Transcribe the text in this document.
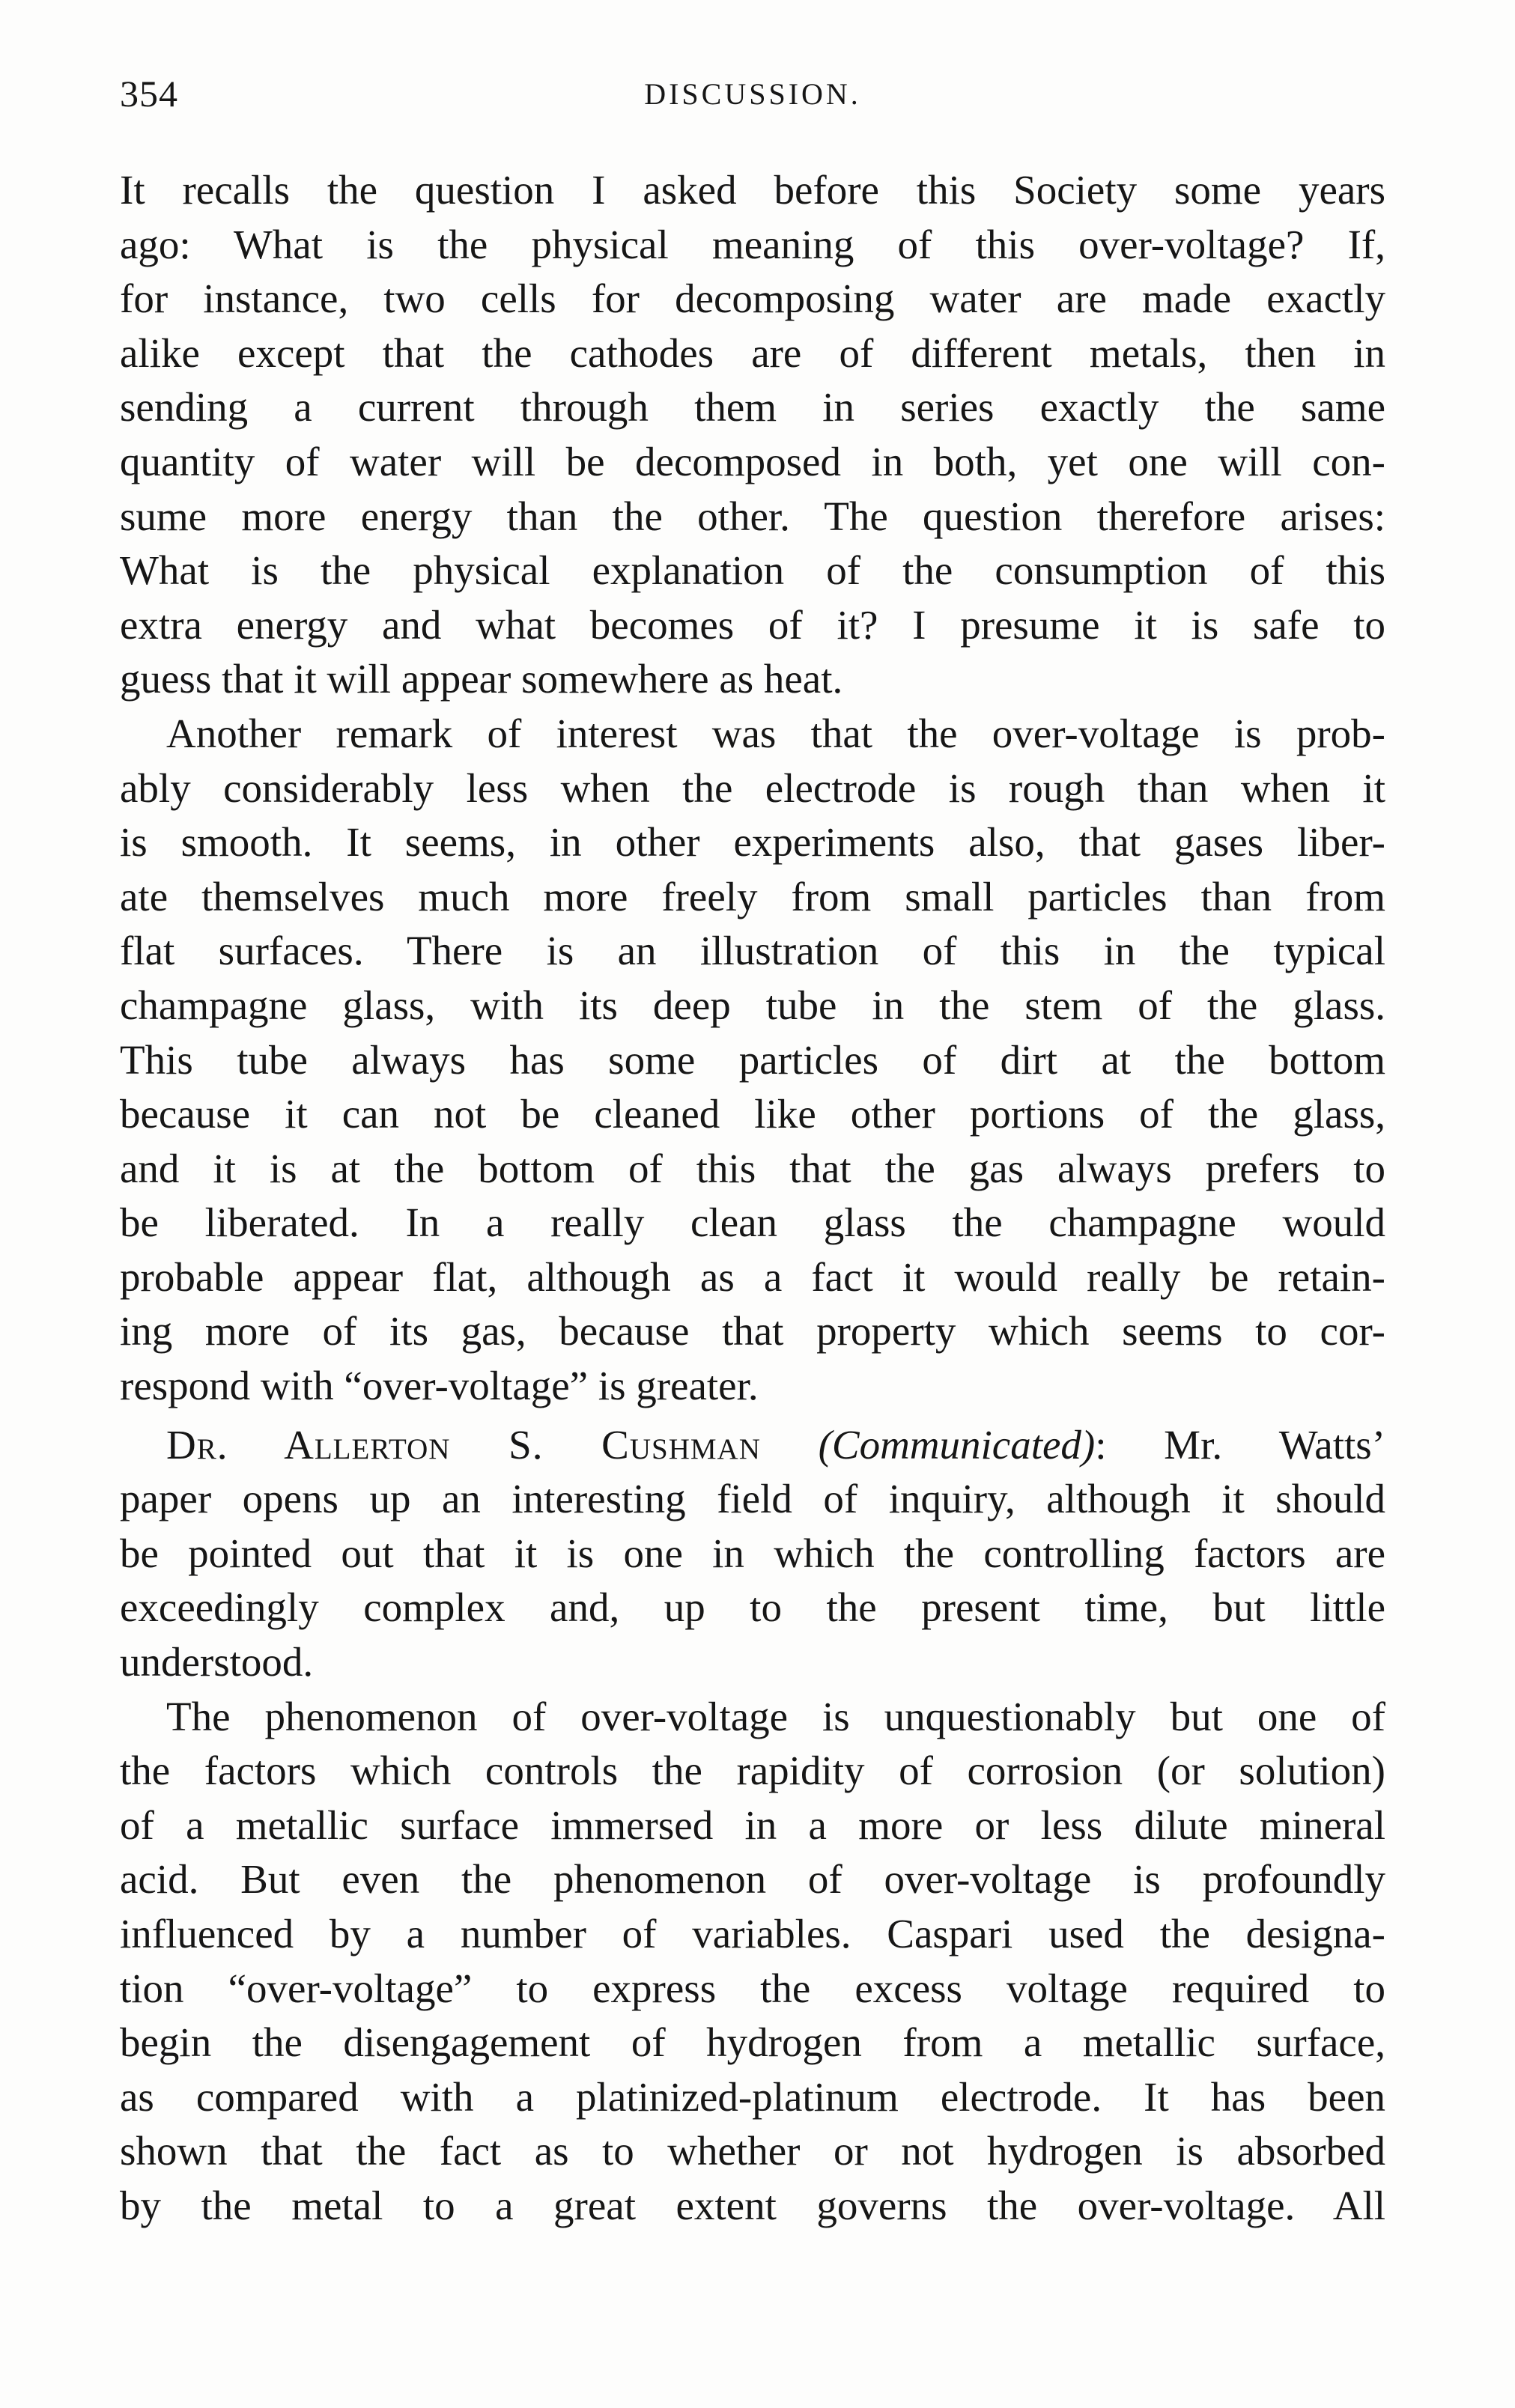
354	DISCUSSION.
It recalls the question I asked before this Society some years
ago: What is the physical meaning of this over-voltage? If,
for instance, two cells for decomposing water are made exactly
alike except that the cathodes are of different metals, then in
sending a current through them in series exactly the same
quantity of water will be decomposed in both, yet one will con-
sume more energy than the other. The question therefore arises:
What is the physical explanation of the consumption of this
extra energy and what becomes of it? I presume it is safe to
guess that it will appear somewhere as heat.
Another remark of interest was that the over-voltage is prob-
ably considerably less when the electrode is rough than when it
is smooth. It seems, in other experiments also, that gases liber-
ate themselves much more freely from small particles than from
flat surfaces. There is an illustration of this in the typical
champagne glass, with its deep tube in the stem of the glass.
This tube always has some particles of dirt at the bottom
because it can not be cleaned like other portions of the glass,
and it is at the bottom of this that the gas always prefers to
be liberated. In a really clean glass the champagne would
probable appear flat, although as a fact it would really be retain-
ing more of its gas, because that property which seems to cor-
respond with “over-voltage” is greater.
Dr. Allerton S. Cushman (Communicated): Mr. Watts’
paper opens up an interesting field of inquiry, although it should
be pointed out that it is one in which the controlling factors are
exceedingly complex and, up to the present time, but little
understood.
The phenomenon of over-voltage is unquestionably but one of
the factors which controls the rapidity of corrosion (or solution)
of a metallic surface immersed in a more or less dilute mineral
acid. But even the phenomenon of over-voltage is profoundly
influenced by a number of variables. Caspari used the designa-
tion “over-voltage” to express the excess voltage required to
begin the disengagement of hydrogen from a metallic surface,
as compared with a platinized-platinum electrode. It has been
shown that the fact as to whether or not hydrogen is absorbed
by the metal to a great extent governs the over-voltage. All
